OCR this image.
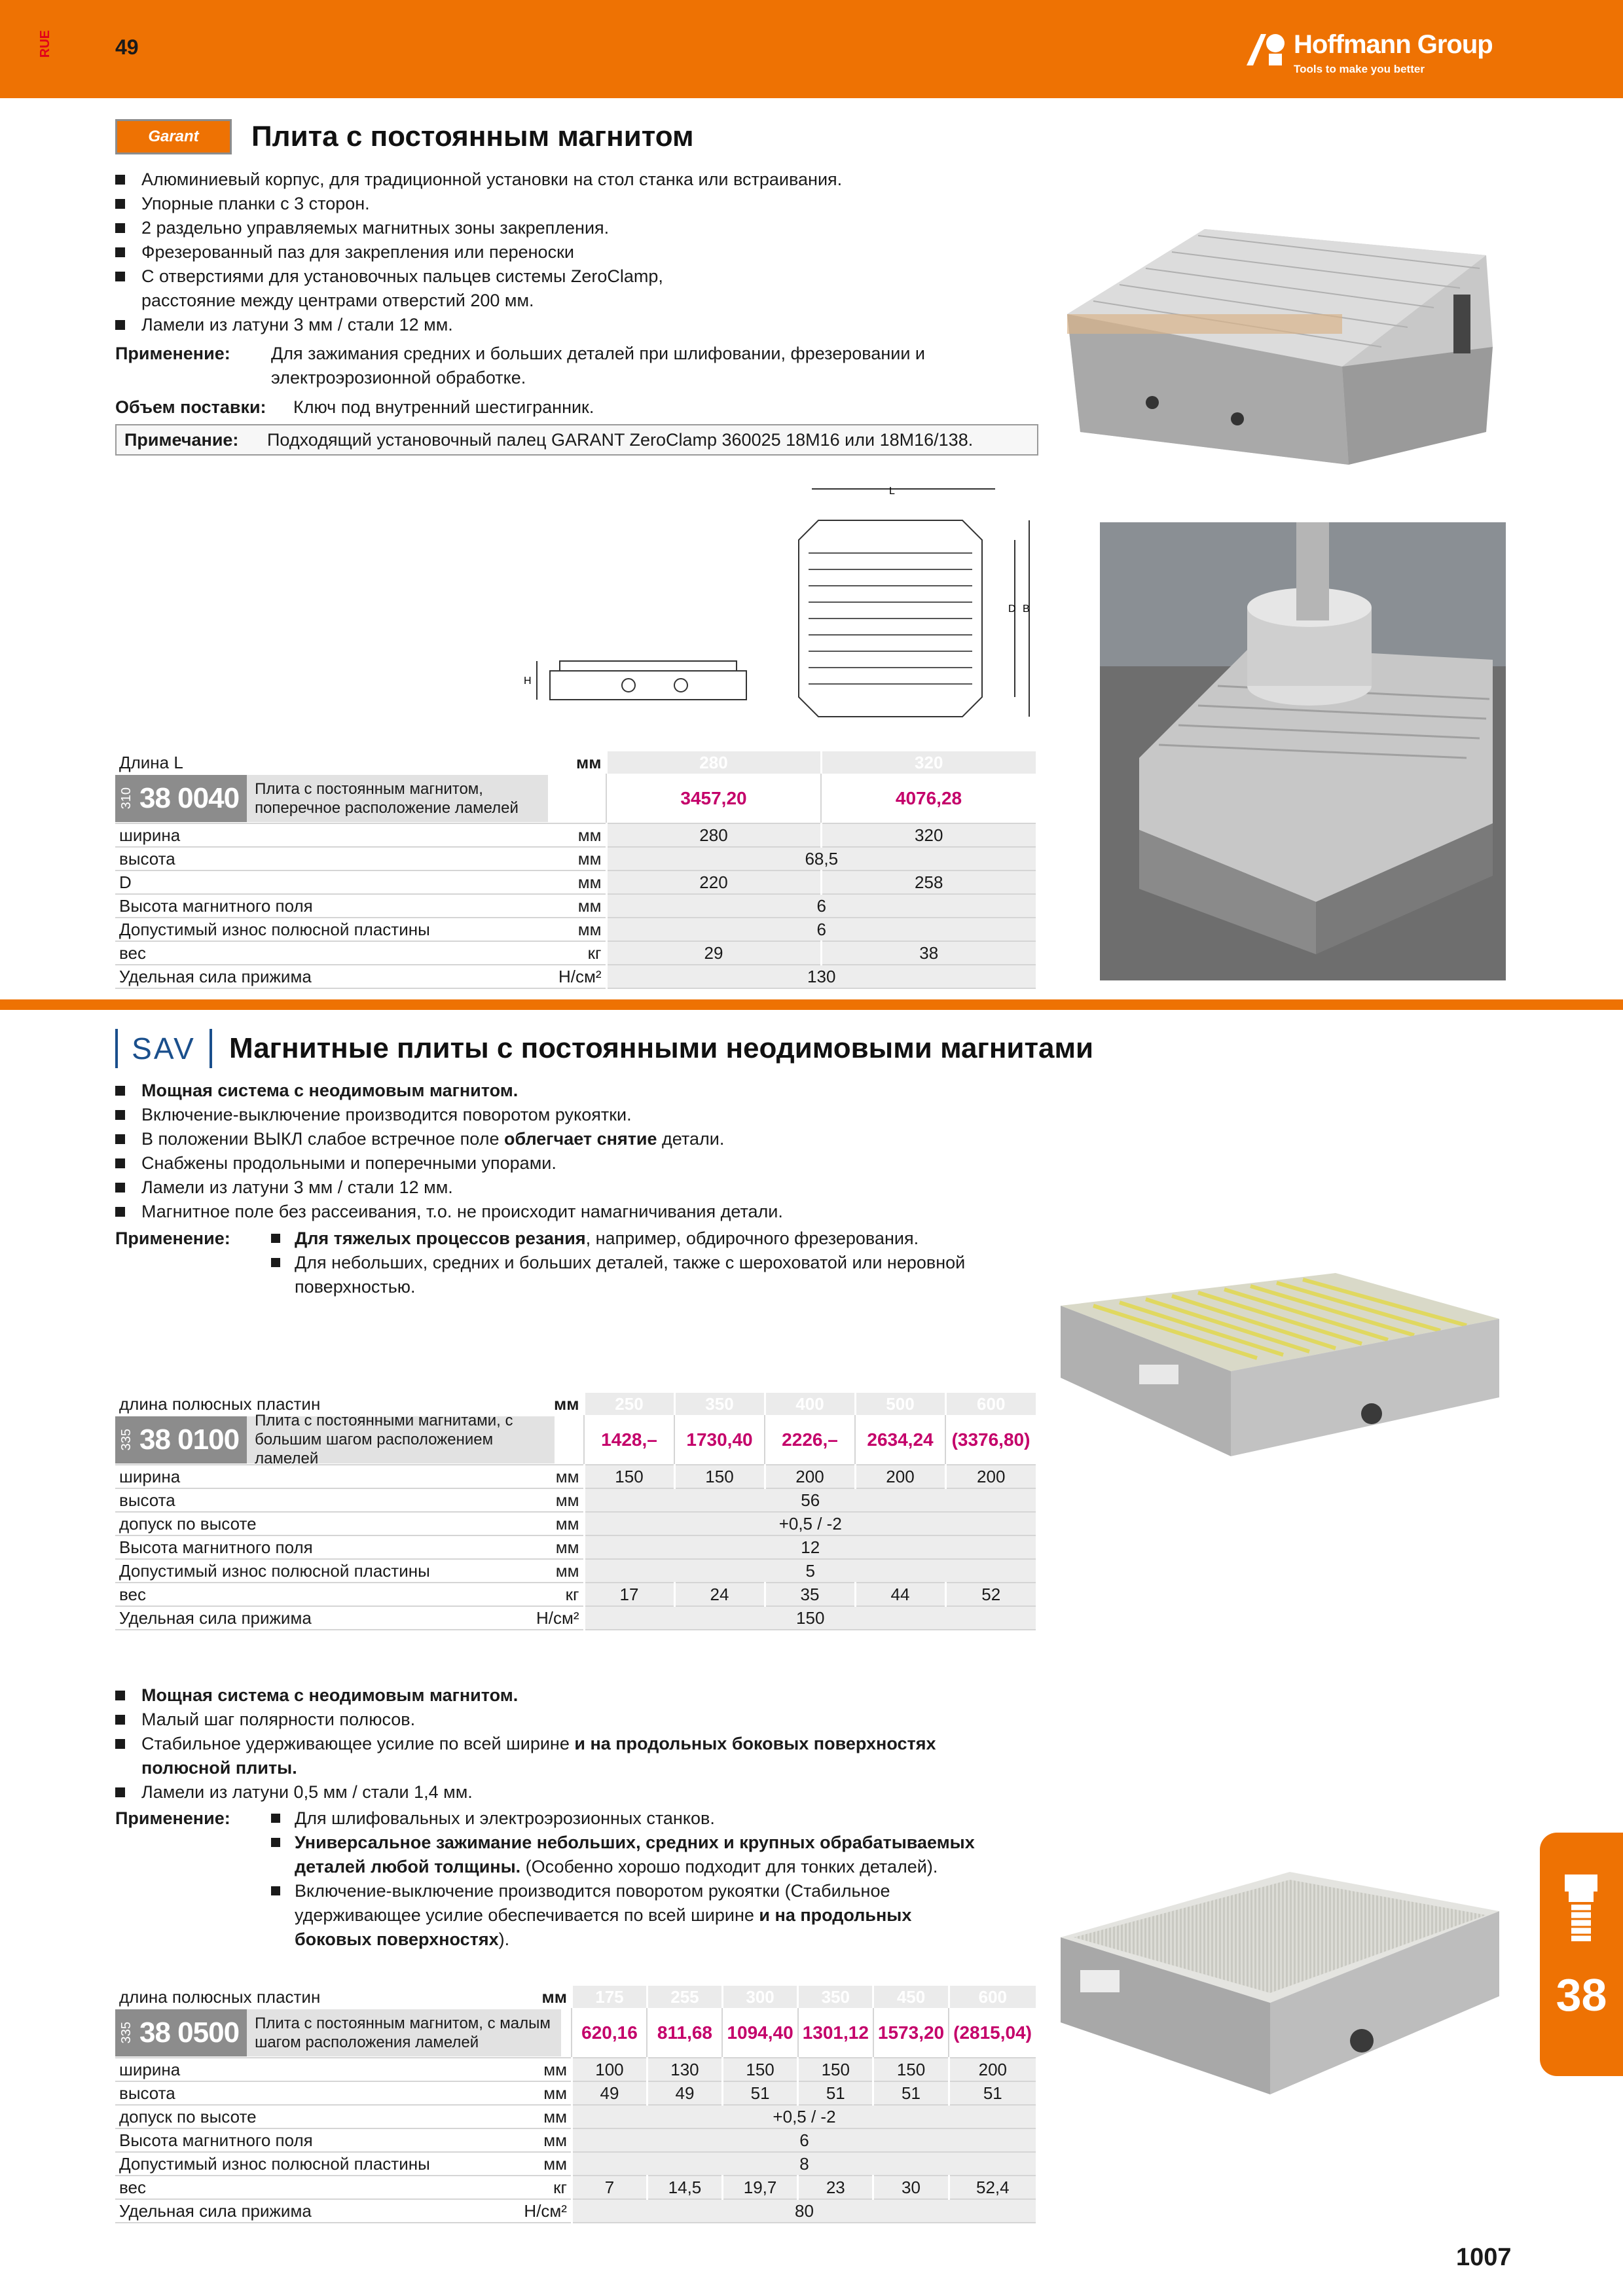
RUE	49	Hoffmann Group
Tools to make you better
Garant	Плита с постоянным магнитом
Алюминиевый корпус, для традиционной установки на стол станка или встраивания.
Упорные планки с 3 сторон.
2 раздельно управляемых магнитных зоны закрепления.
Фрезерованный паз для закрепления или переноски
С отверстиями для установочных пальцев системы ZeroClamp,
расстояние между центрами отверстий 200 мм.
Ламели из латуни 3 мм / стали 12 мм.
Применение: Для зажимания средних и больших деталей при шлифовании, фрезеровании и
электроэрозионной обработке.
Объем поставки: Ключ под внутренний шестигранник.
Примечание: Подходящий установочный палец GARANT ZeroClamp 360025 18M16 или 18M16/138.
L
D B
H
Длина L	мм	280	320

310 38 0040 Плита с постоянным магнитом, поперечное расположение ламелей		3457,20	4076,28
ширина	мм	280	320
высота	мм	68,5	
D	мм	220	258
Высота магнитного поля	мм	6	
Допустимый износ полюсной пластины	мм	6	
вес	кг	29	38
Удельная сила прижима	Н/см²	130	
SAV	Магнитные плиты с постоянными неодимовыми магнитами
Мощная система с неодимовым магнитом.
Включение-выключение производится поворотом рукоятки.
В положении ВЫКЛ слабое встречное поле облегчает снятие детали.
Снабжены продольными и поперечными упорами.
Ламели из латуни 3 мм / стали 12 мм.
Магнитное поле без рассеивания, т.о. не происходит намагничивания детали.
Применение:	Для тяжелых процессов резания, например, обдирочного фрезерования.
Для небольших, средних и больших деталей, также с шероховатой или неровной
поверхностью.
длина полюсных пластин	мм	250	350	400	500	600

335 38 0100
Плита с постоянными магнитами, с большим шагом расположением ламелей		1428,–	1730,40	2226,–	2634,24	(3376,80)
ширина	мм	150	150	200	200	200
высота	мм	56				
допуск по высоте	мм	+0,5 / -2				
Высота магнитного поля	мм	12				
Допустимый износ полюсной пластины	мм	5				
вес	кг	17	24	35	44	52
Удельная сила прижима	Н/см²	150				
Мощная система с неодимовым магнитом.
Малый шаг полярности полюсов.
Стабильное удерживающее усилие по всей ширине и на продольных боковых поверхностях
полюсной плиты.
Ламели из латуни 0,5 мм / стали 1,4 мм.
Применение:	Для шлифовальных и электроэрозионных станков.
Универсальное зажимание небольших, средних и крупных обрабатываемых
деталей любой толщины. (Особенно хорошо подходит для тонких деталей).
Включение-выключение производится поворотом рукоятки (Стабильное
удерживающее усилие обеспечивается по всей ширине и на продольных
боковых поверхностях).
длина полюсных пластин	мм	175	255	300	350	450	600

335 38 0500 Плита с постоянным магнитом, с малым шагом расположения ламелей		620,16	811,68	1094,40	1301,12	1573,20	(2815,04)
ширина	мм	100	130	150	150	150	200
высота	мм	49	49	51	51	51	51
допуск по высоте	мм	+0,5 / -2					
Высота магнитного поля	мм	6					
Допустимый износ полюсной пластины	мм	8					
вес	кг	7	14,5	19,7	23	30	52,4
Удельная сила прижима	Н/см²	80					
38
1007
